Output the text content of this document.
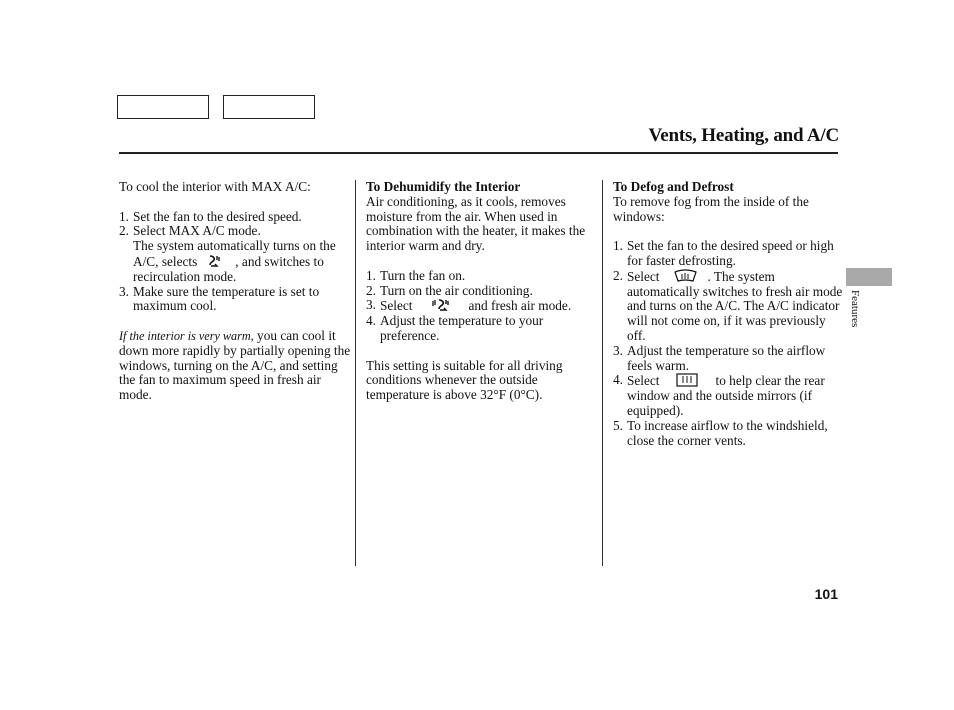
Vents, Heating, and A/C

To cool the interior with MAX A/C:

1. Set the fan to the desired speed.
2. Select MAX A/C mode.
The system automatically turns on the A/C, selects	, and switches to recirculation mode.
3. Make sure the temperature is set to maximum cool.

If the interior is very warm, you can cool it down more rapidly by partially opening the windows, turning on the A/C, and setting the fan to maximum speed in fresh air mode.

To Dehumidify the Interior

Air conditioning, as it cools, removes moisture from the air. When used in combination with the heater, it makes the interior warm and dry.

1. Turn the fan on.
2. Turn on the air conditioning.
3. Select	and fresh air mode.
4. Adjust the temperature to your preference.

This setting is suitable for all driving conditions whenever the outside temperature is above 32°F (0°C).

To Defog and Defrost

To remove fog from the inside of the windows:

1. Set the fan to the desired speed or high for faster defrosting.
2. Select	. The system automatically switches to fresh air mode and turns on the A/C. The A/C indicator will not come on, if it was previously off.
3. Adjust the temperature so the airflow feels warm.
4. Select	to help clear the rear window and the outside mirrors (if equipped).
5. To increase airflow to the windshield, close the corner vents.
Features
101
